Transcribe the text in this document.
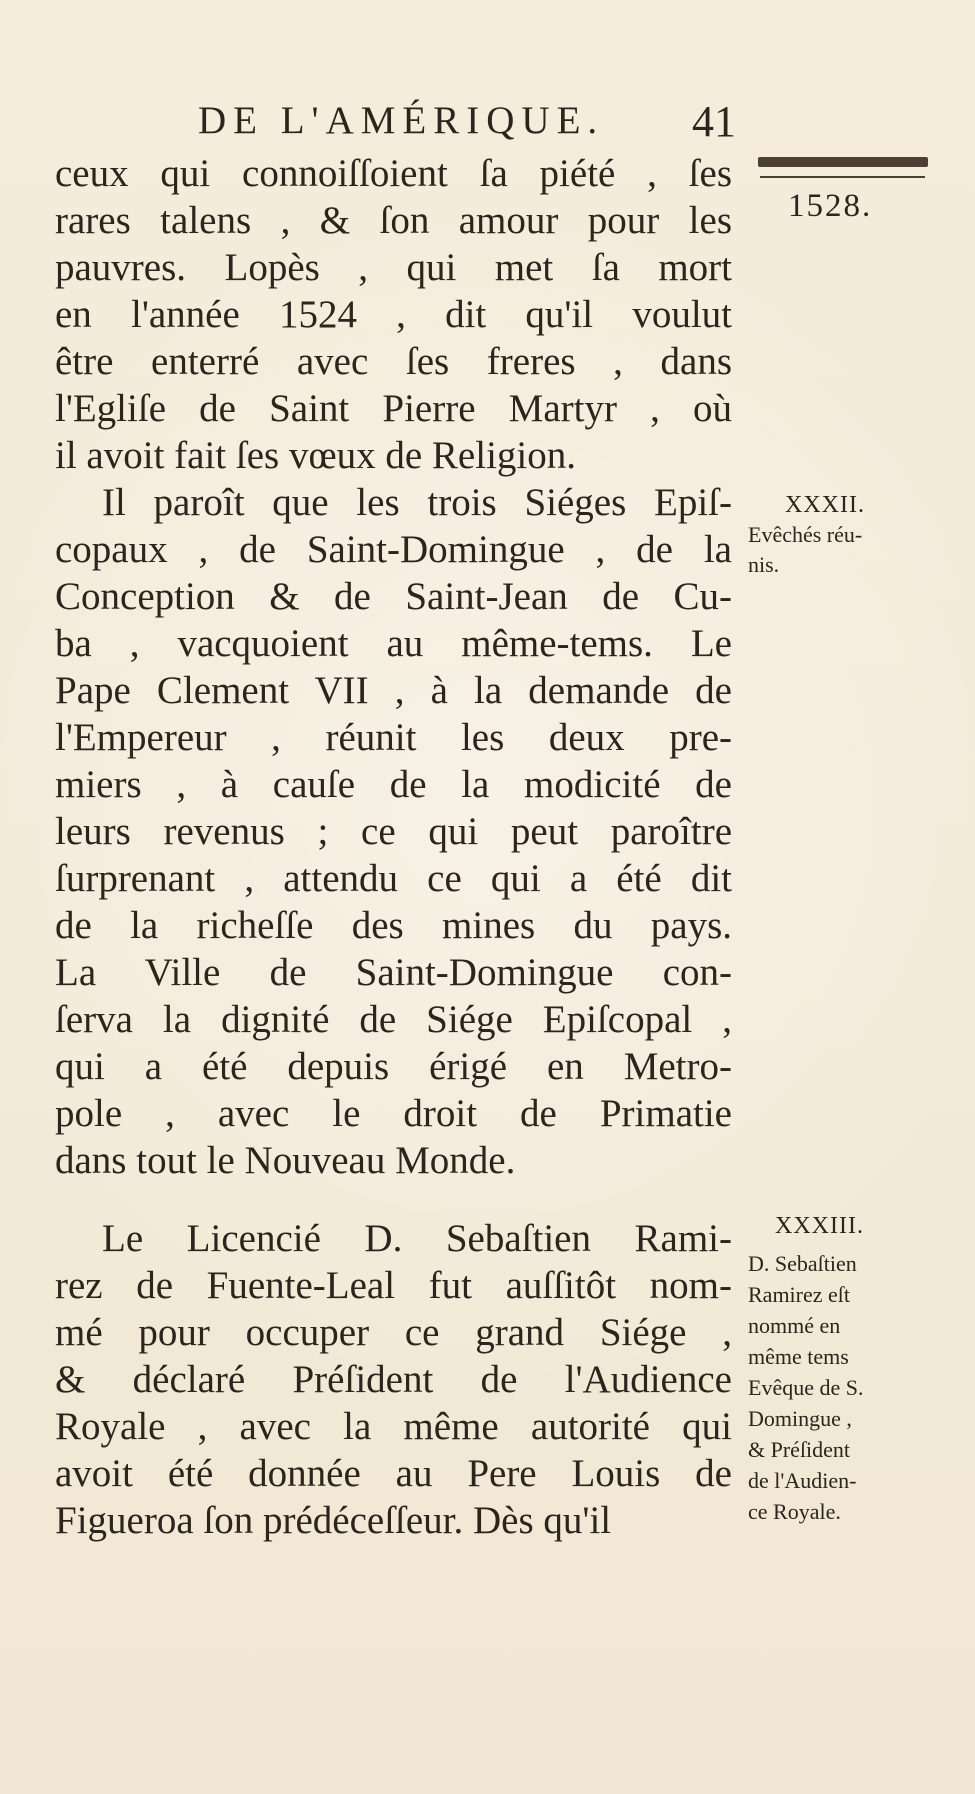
DE L'AMÉRIQUE. 41
1528.
ceux qui connoiſſoient ſa piété , ſes
rares talens , & ſon amour pour les
pauvres. Lopès , qui met ſa mort
en l'année 1524 , dit qu'il voulut
être enterré avec ſes freres , dans
l'Egliſe de Saint Pierre Martyr , où
il avoit fait ſes vœux de Religion.
Il paroît que les trois Siéges Epiſ-
copaux , de Saint-Domingue , de la
Conception & de Saint-Jean de Cu-
ba , vacquoient au même-tems. Le
Pape Clement VII , à la demande de
l'Empereur , réunit les deux pre-
miers , à cauſe de la modicité de
leurs revenus ; ce qui peut paroître
ſurprenant , attendu ce qui a été dit
de la richeſſe des mines du pays.
La Ville de Saint-Domingue con-
ſerva la dignité de Siége Epiſcopal ,
qui a été depuis érigé en Metro-
pole , avec le droit de Primatie
dans tout le Nouveau Monde.
Le Licencié D. Sebaſtien Rami-
rez de Fuente-Leal fut auſſitôt nom-
mé pour occuper ce grand Siége ,
& déclaré Préſident de l'Audience
Royale , avec la même autorité qui
avoit été donnée au Pere Louis de
Figueroa ſon prédéceſſeur. Dès qu'il
XXXII.
Evêchés réu-
nis.
XXXIII.
D. Sebaſtien
Ramirez eſt
nommé en
même tems
Evêque de S.
Domingue ,
& Préſident
de l'Audien-
ce Royale.
